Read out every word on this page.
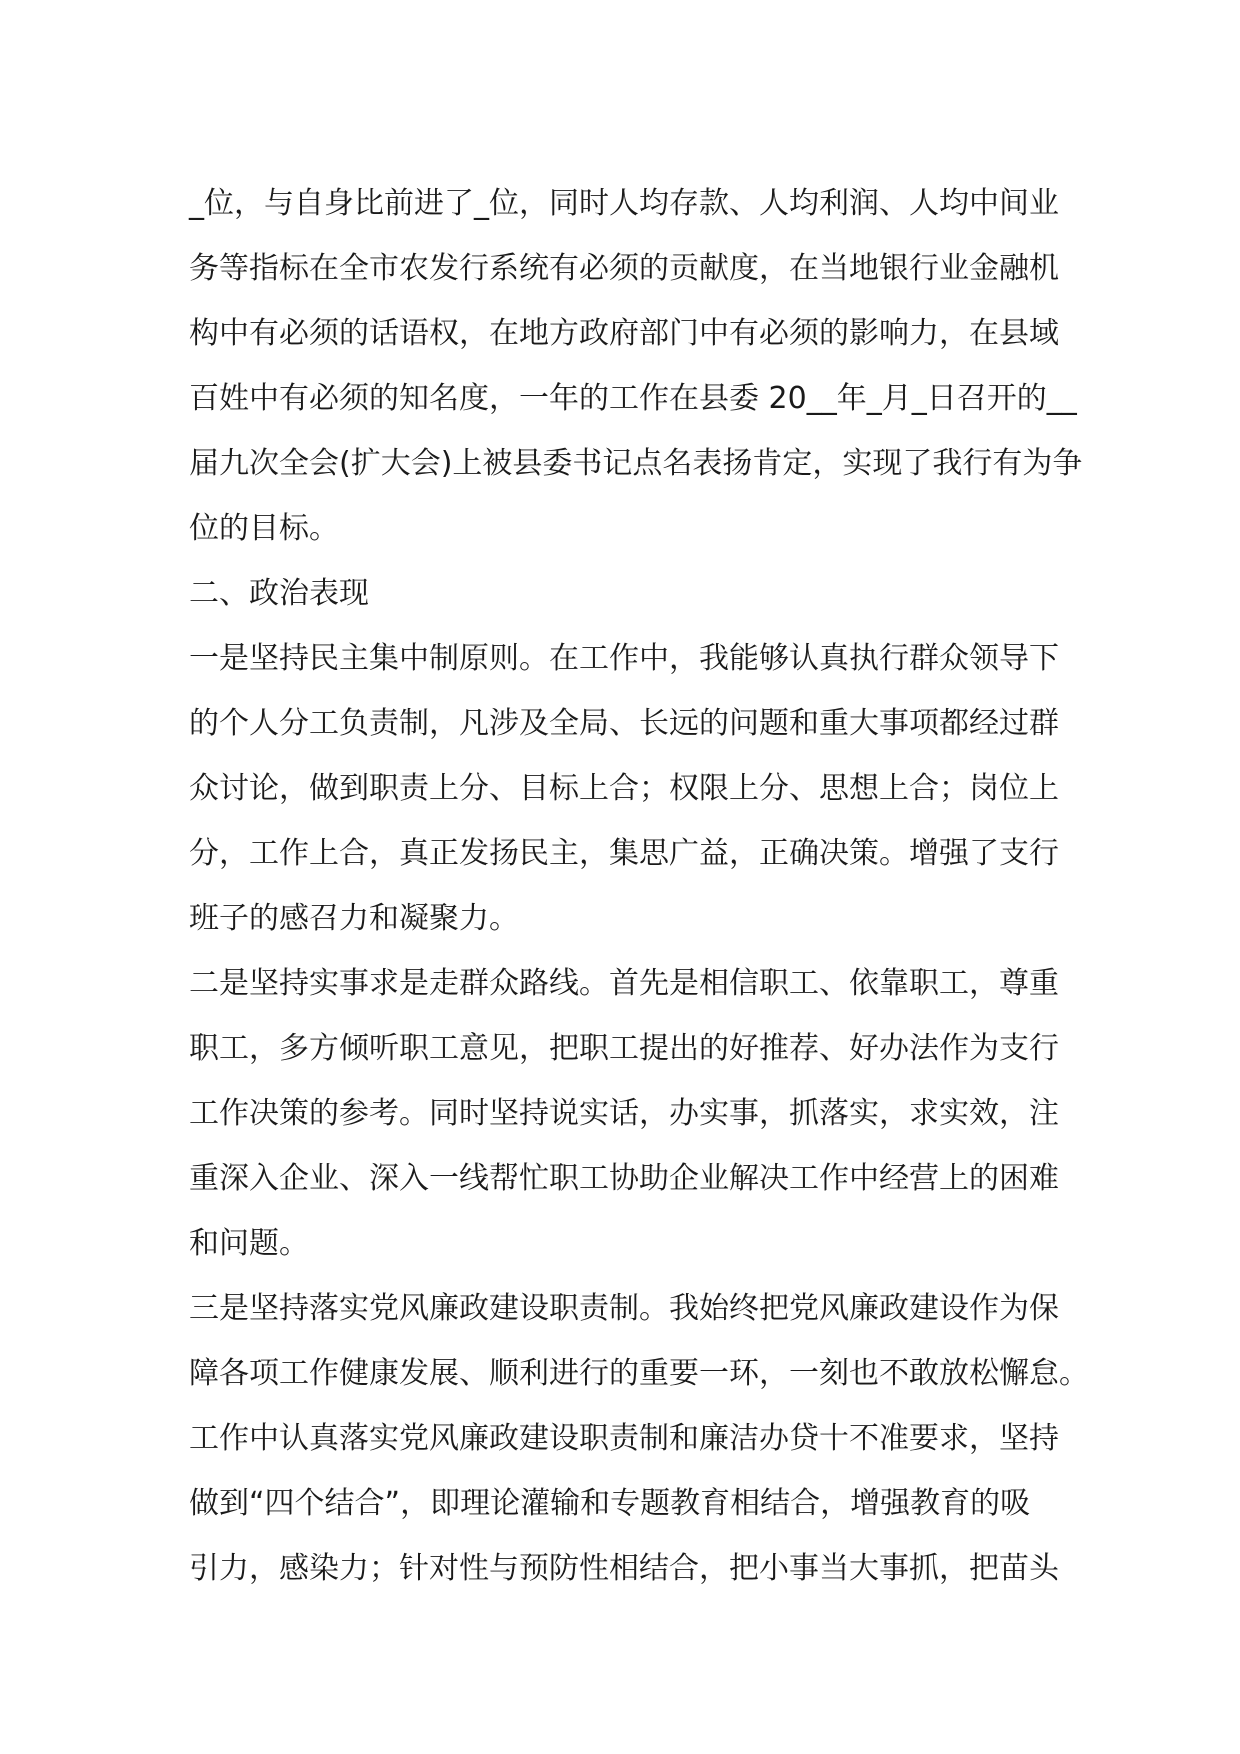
_位，与自身比前进了_位，同时人均存款、人均利润、人均中间业
务等指标在全市农发行系统有必须的贡献度，在当地银行业金融机
构中有必须的话语权，在地方政府部门中有必须的影响力，在县域
百姓中有必须的知名度，一年的工作在县委 20__年_月_日召开的__
届九次全会(扩大会)上被县委书记点名表扬肯定，实现了我行有为争
位的目标。
二、政治表现
一是坚持民主集中制原则。在工作中，我能够认真执行群众领导下
的个人分工负责制，凡涉及全局、长远的问题和重大事项都经过群
众讨论，做到职责上分、目标上合；权限上分、思想上合；岗位上
分，工作上合，真正发扬民主，集思广益，正确决策。增强了支行
班子的感召力和凝聚力。
二是坚持实事求是走群众路线。首先是相信职工、依靠职工，尊重
职工，多方倾听职工意见，把职工提出的好推荐、好办法作为支行
工作决策的参考。同时坚持说实话，办实事，抓落实，求实效，注
重深入企业、深入一线帮忙职工协助企业解决工作中经营上的困难
和问题。
三是坚持落实党风廉政建设职责制。我始终把党风廉政建设作为保
障各项工作健康发展、顺利进行的重要一环，一刻也不敢放松懈怠。
工作中认真落实党风廉政建设职责制和廉洁办贷十不准要求，坚持
做到“四个结合”，即理论灌输和专题教育相结合，增强教育的吸
引力，感染力；针对性与预防性相结合，把小事当大事抓，把苗头
